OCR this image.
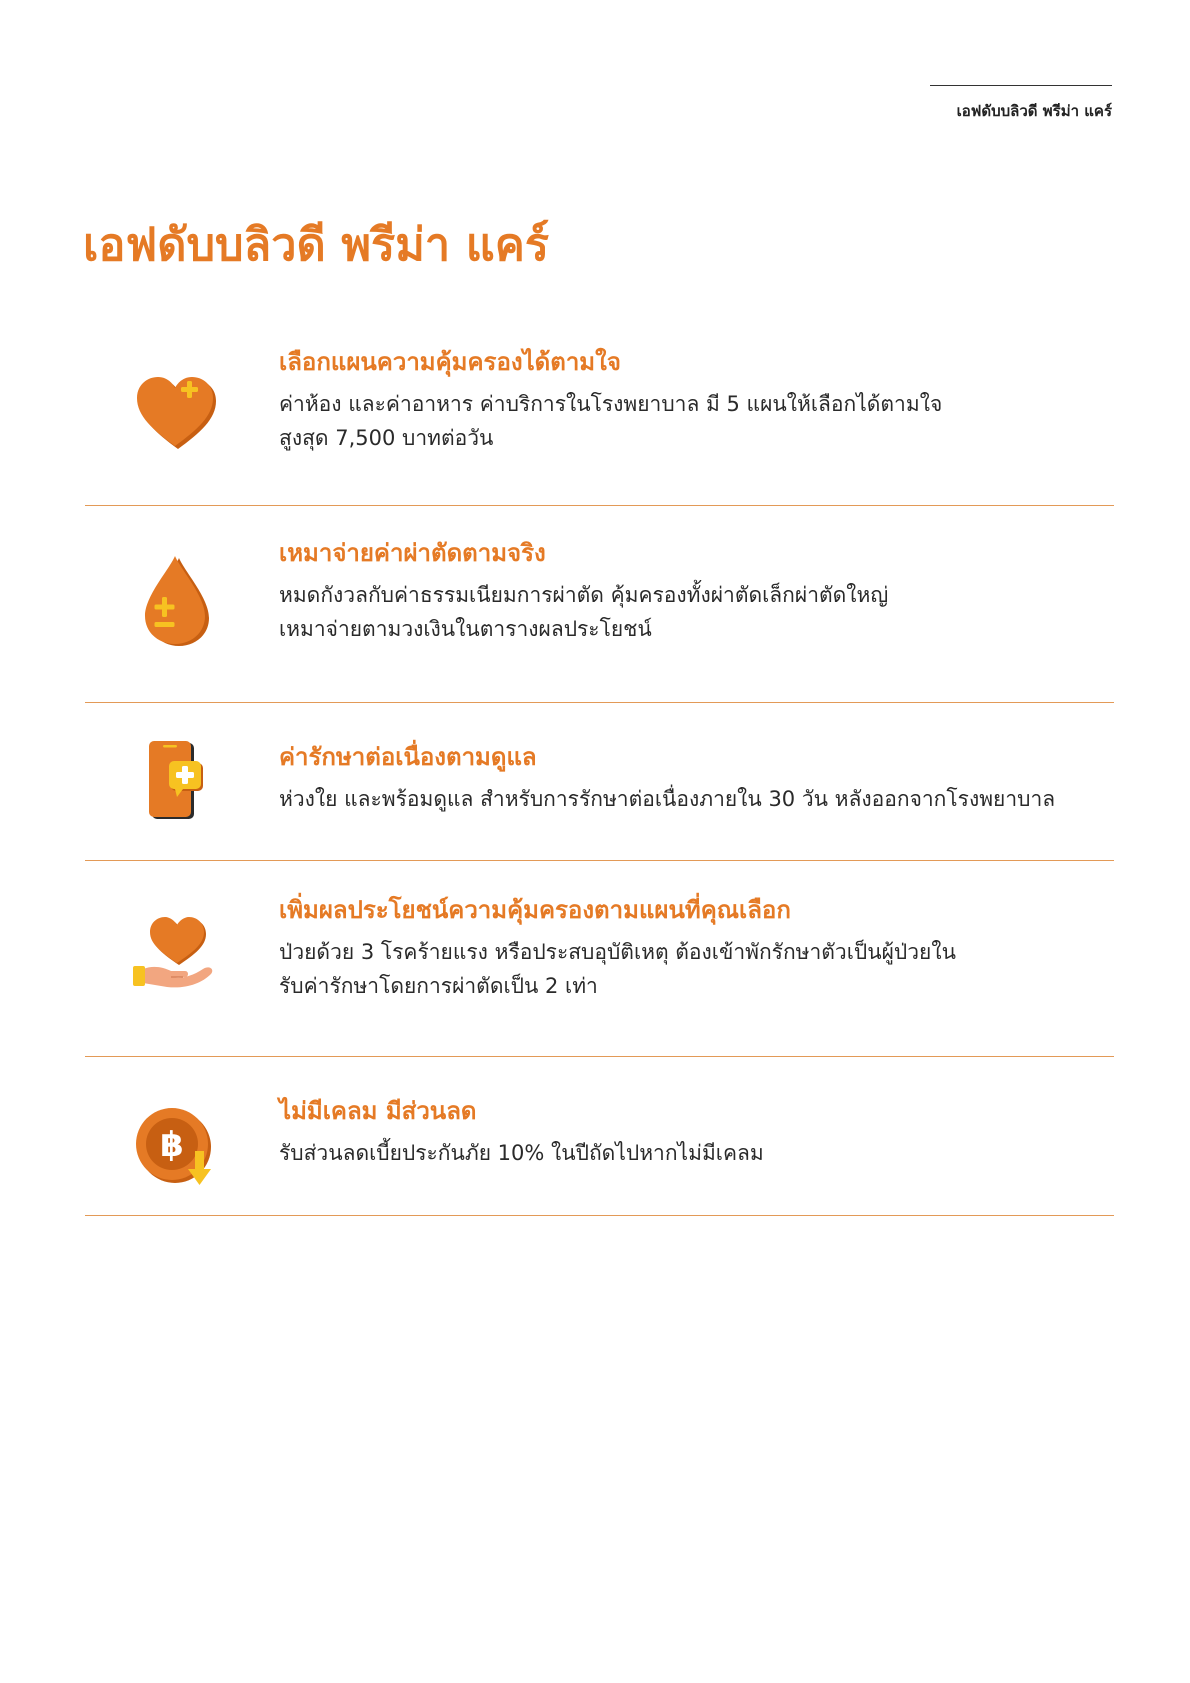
เอฟดับบลิวดี พรีม่า แคร์
เอฟดับบลิวดี พรีม่า แคร์
เลือกแผนความคุ้มครองได้ตามใจ

ค่าห้อง และค่าอาหาร ค่าบริการในโรงพยาบาล มี 5 แผนให้เลือกได้ตามใจ

สูงสุด 7,500 บาทต่อวัน

เหมาจ่ายค่าผ่าตัดตามจริง

หมดกังวลกับค่าธรรมเนียมการผ่าตัด คุ้มครองทั้งผ่าตัดเล็กผ่าตัดใหญ่

เหมาจ่ายตามวงเงินในตารางผลประโยชน์

ค่ารักษาต่อเนื่องตามดูแล

ห่วงใย และพร้อมดูแล สำหรับการรักษาต่อเนื่องภายใน 30 วัน หลังออกจากโรงพยาบาล

เพิ่มผลประโยชน์ความคุ้มครองตามแผนที่คุณเลือก

ป่วยด้วย 3 โรคร้ายแรง หรือประสบอุบัติเหตุ ต้องเข้าพักรักษาตัวเป็นผู้ป่วยใน

รับค่ารักษาโดยการผ่าตัดเป็น 2 เท่า

฿
ไม่มีเคลม มีส่วนลด

รับส่วนลดเบี้ยประกันภัย 10% ในปีถัดไปหากไม่มีเคลม
